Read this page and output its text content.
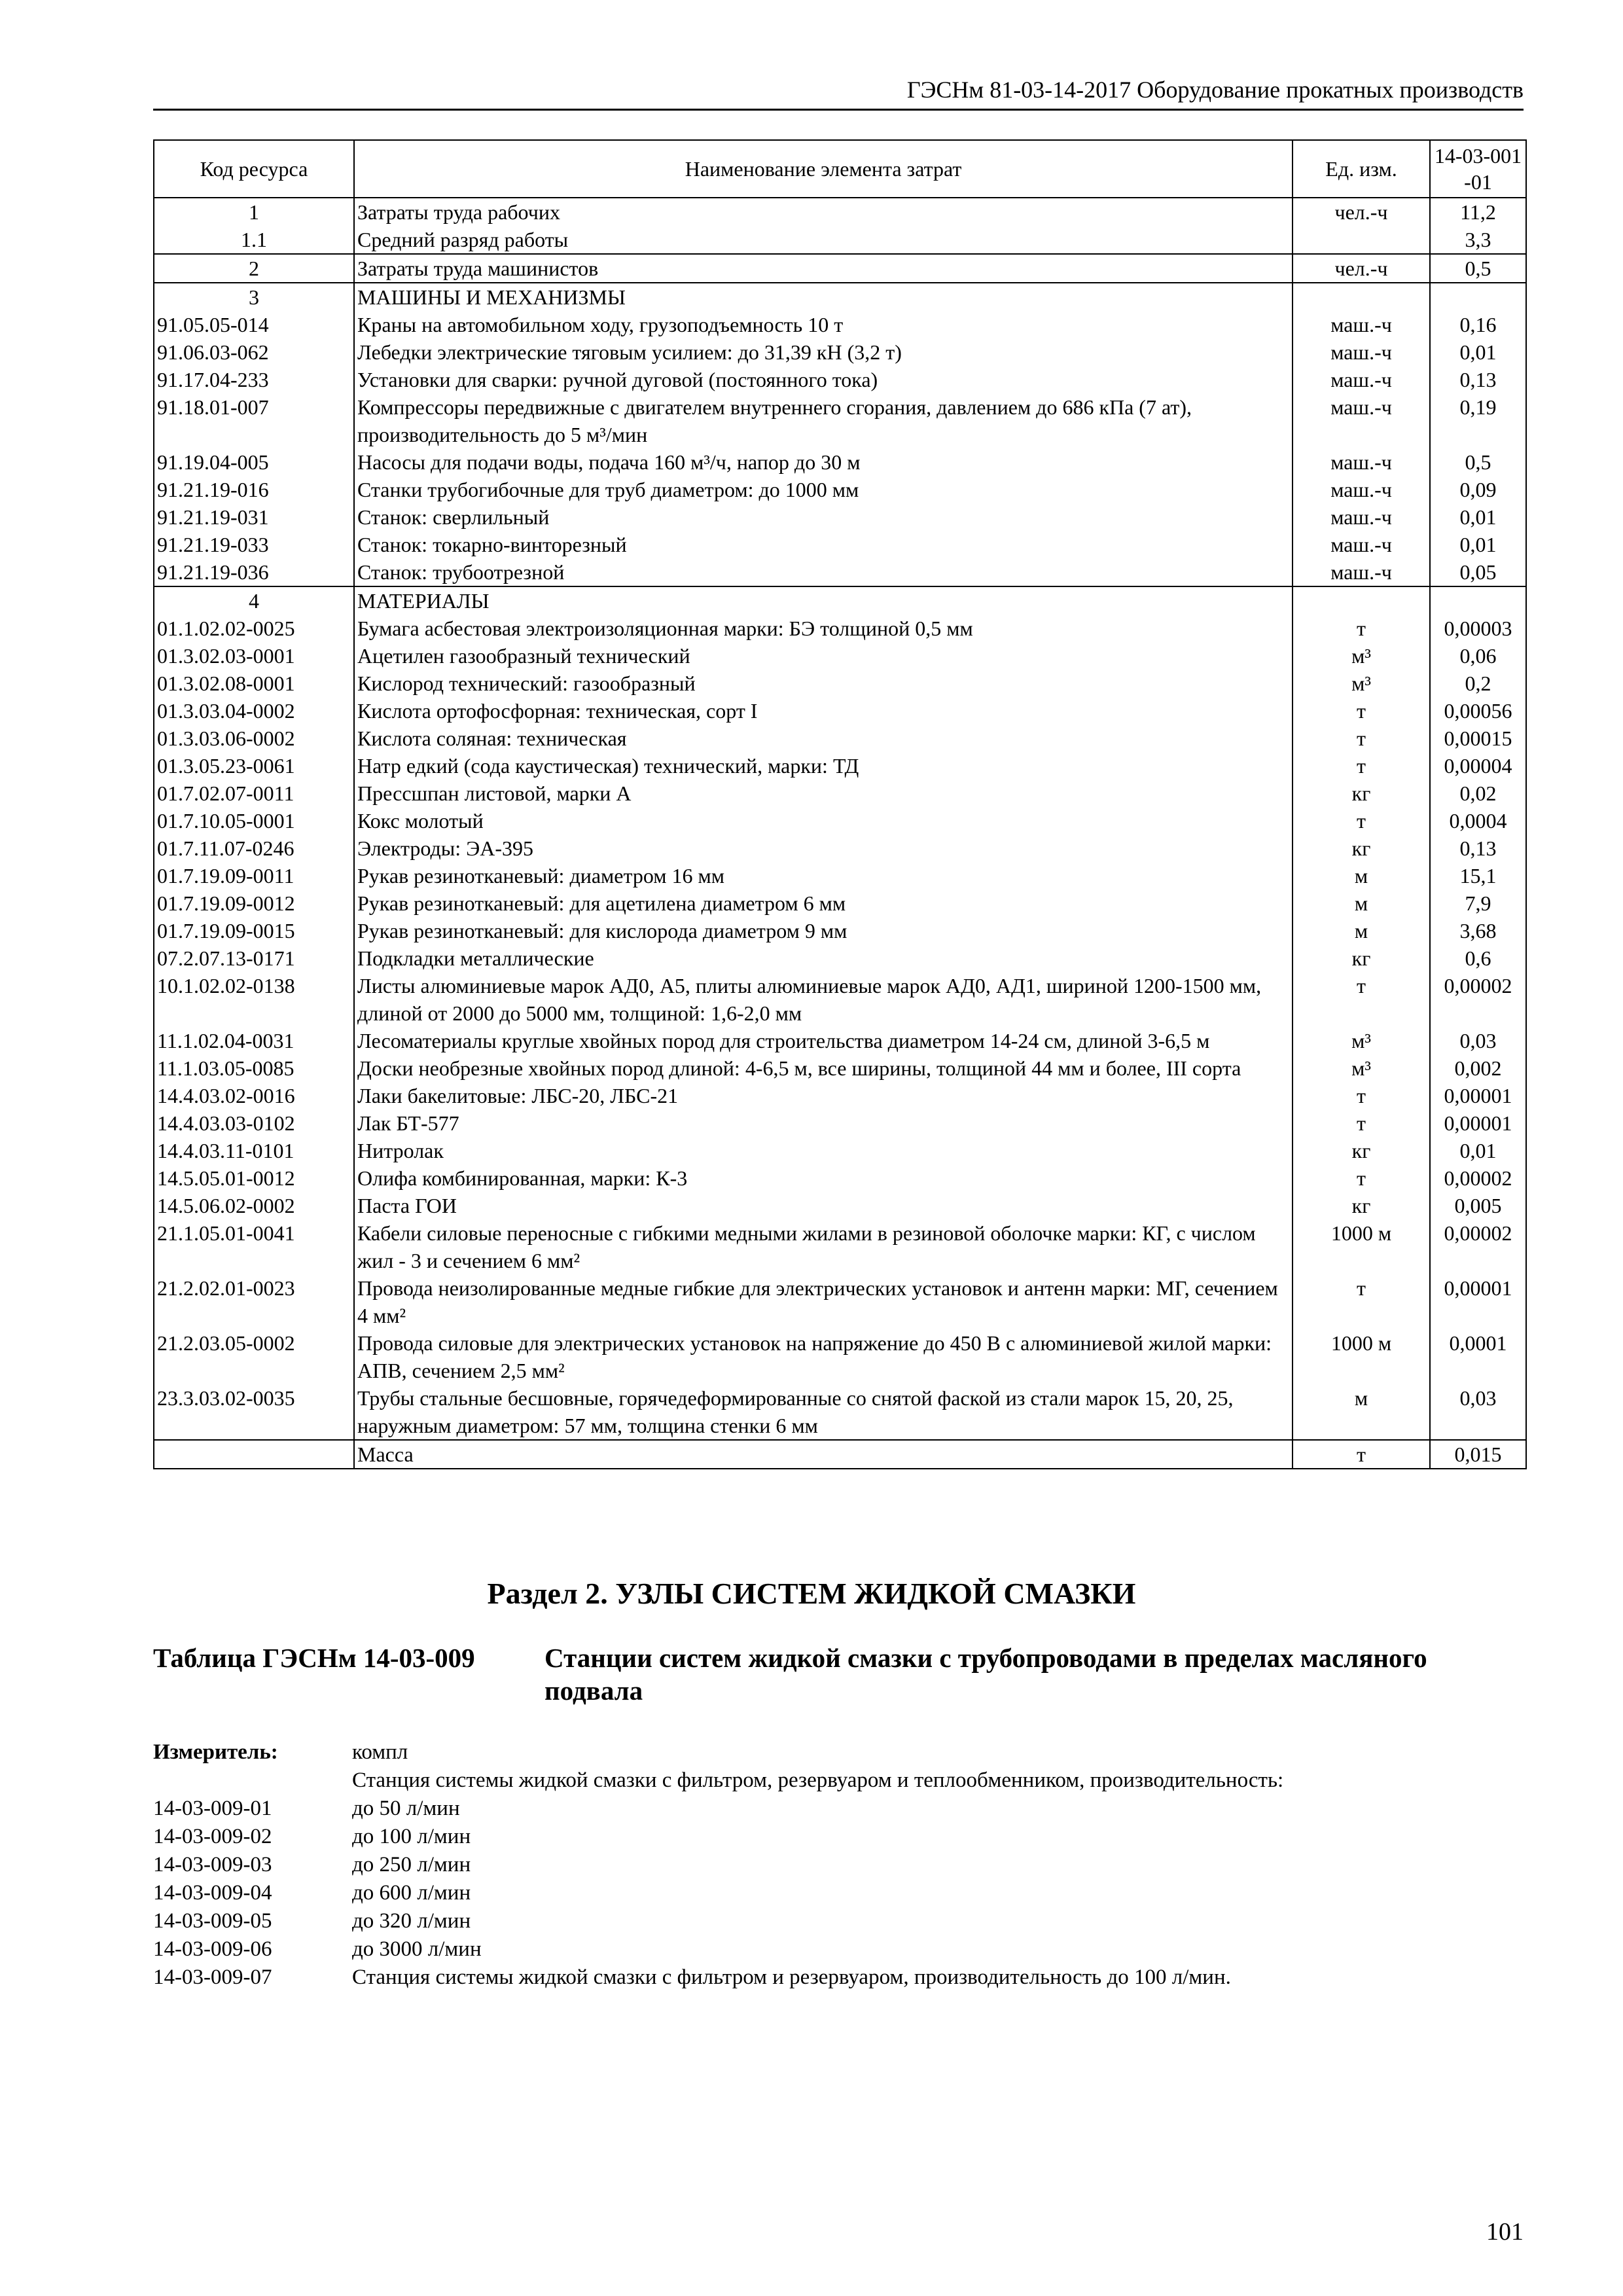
ГЭСНм 81-03-14-2017 Оборудование прокатных производств
Код ресурса	Наименование элемента затрат	Ед. изм.	14-03-001-01
1	Затраты труда рабочих	чел.-ч	11,2
1.1	Средний разряд работы		3,3
2	Затраты труда машинистов	чел.-ч	0,5
3	МАШИНЫ И МЕХАНИЗМЫ		
91.05.05-014	Краны на автомобильном ходу, грузоподъемность 10 т	маш.-ч	0,16
91.06.03-062	Лебедки электрические тяговым усилием: до 31,39 кН (3,2 т)	маш.-ч	0,01
91.17.04-233	Установки для сварки: ручной дуговой (постоянного тока)	маш.-ч	0,13
91.18.01-007	Компрессоры передвижные с двигателем внутреннего сгорания, давлением до 686 кПа (7 ат), производительность до 5 м³/мин	маш.-ч	0,19
91.19.04-005	Насосы для подачи воды, подача 160 м³/ч, напор до 30 м	маш.-ч	0,5
91.21.19-016	Станки трубогибочные для труб диаметром: до 1000 мм	маш.-ч	0,09
91.21.19-031	Станок: сверлильный	маш.-ч	0,01
91.21.19-033	Станок: токарно-винторезный	маш.-ч	0,01
91.21.19-036	Станок: трубоотрезной	маш.-ч	0,05
4	МАТЕРИАЛЫ		
01.1.02.02-0025	Бумага асбестовая электроизоляционная марки: БЭ толщиной 0,5 мм	т	0,00003
01.3.02.03-0001	Ацетилен газообразный технический	м³	0,06
01.3.02.08-0001	Кислород технический: газообразный	м³	0,2
01.3.03.04-0002	Кислота ортофосфорная: техническая, сорт I	т	0,00056
01.3.03.06-0002	Кислота соляная: техническая	т	0,00015
01.3.05.23-0061	Натр едкий (сода каустическая) технический, марки: ТД	т	0,00004
01.7.02.07-0011	Прессшпан листовой, марки А	кг	0,02
01.7.10.05-0001	Кокс молотый	т	0,0004
01.7.11.07-0246	Электроды: ЭА-395	кг	0,13
01.7.19.09-0011	Рукав резинотканевый: диаметром 16 мм	м	15,1
01.7.19.09-0012	Рукав резинотканевый: для ацетилена диаметром 6 мм	м	7,9
01.7.19.09-0015	Рукав резинотканевый: для кислорода диаметром 9 мм	м	3,68
07.2.07.13-0171	Подкладки металлические	кг	0,6
10.1.02.02-0138	Листы алюминиевые марок АД0, А5, плиты алюминиевые марок АД0, АД1, шириной 1200-1500 мм, длиной от 2000 до 5000 мм, толщиной: 1,6-2,0 мм	т	0,00002
11.1.02.04-0031	Лесоматериалы круглые хвойных пород для строительства диаметром 14-24 см, длиной 3-6,5 м	м³	0,03
11.1.03.05-0085	Доски необрезные хвойных пород длиной: 4-6,5 м, все ширины, толщиной 44 мм и более, III сорта	м³	0,002
14.4.03.02-0016	Лаки бакелитовые: ЛБС-20, ЛБС-21	т	0,00001
14.4.03.03-0102	Лак БТ-577	т	0,00001
14.4.03.11-0101	Нитролак	кг	0,01
14.5.05.01-0012	Олифа комбинированная, марки: К-3	т	0,00002
14.5.06.02-0002	Паста ГОИ	кг	0,005
21.1.05.01-0041	Кабели силовые переносные с гибкими медными жилами в резиновой оболочке марки: КГ, с числом жил - 3 и сечением 6 мм²	1000 м	0,00002
21.2.02.01-0023	Провода неизолированные медные гибкие для электрических установок и антенн марки: МГ, сечением 4 мм²	т	0,00001
21.2.03.05-0002	Провода силовые для электрических установок на напряжение до 450 В с алюминиевой жилой марки: АПВ, сечением 2,5 мм²	1000 м	0,0001
23.3.03.02-0035	Трубы стальные бесшовные, горячедеформированные со снятой фаской из стали марок 15, 20, 25, наружным диаметром: 57 мм, толщина стенки 6 мм	м	0,03
	Масса	т	0,015
Раздел 2. УЗЛЫ СИСТЕМ ЖИДКОЙ СМАЗКИ
Таблица ГЭСНм 14-03-009	Станции систем жидкой смазки с трубопроводами в пределах масляного подвала
Измеритель:	компл
Станция системы жидкой смазки с фильтром, резервуаром и теплообменником, производительность:
14-03-009-01	до 50 л/мин
14-03-009-02	до 100 л/мин
14-03-009-03	до 250 л/мин
14-03-009-04	до 600 л/мин
14-03-009-05	до 320 л/мин
14-03-009-06	до 3000 л/мин
14-03-009-07	Станция системы жидкой смазки с фильтром и резервуаром, производительность до 100 л/мин.
101
